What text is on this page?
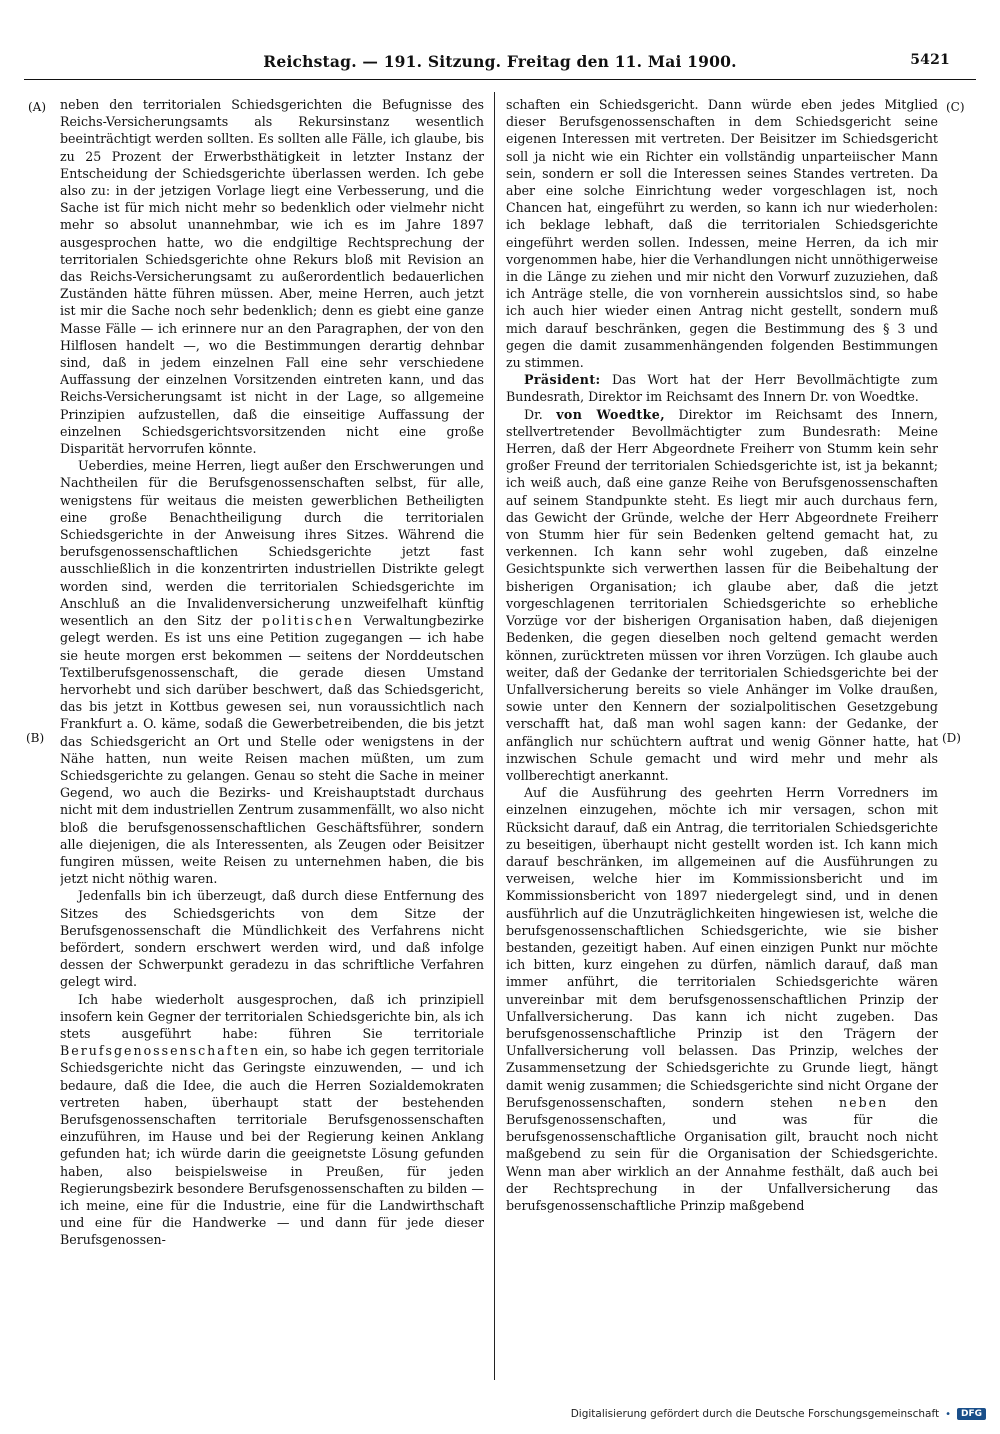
Reichstag. — 191. Sitzung. Freitag den 11. Mai 1900.	5421
(A)
(B)
(C)
(D)

neben den territorialen Schiedsgerichten die Befugnisse des Reichs-Versicherungsamts als Rekursinstanz wesentlich beeinträchtigt werden sollten. Es sollten alle Fälle, ich glaube, bis zu 25 Prozent der Erwerbsthätigkeit in letzter Instanz der Entscheidung der Schiedsgerichte überlassen werden. Ich gebe also zu: in der jetzigen Vorlage liegt eine Verbesserung, und die Sache ist für mich nicht mehr so bedenklich oder vielmehr nicht mehr so absolut unannehmbar, wie ich es im Jahre 1897 ausgesprochen hatte, wo die endgiltige Rechtsprechung der territorialen Schiedsgerichte ohne Rekurs bloß mit Revision an das Reichs-Versicherungsamt zu außerordentlich bedauerlichen Zuständen hätte führen müssen. Aber, meine Herren, auch jetzt ist mir die Sache noch sehr bedenklich; denn es giebt eine ganze Masse Fälle — ich erinnere nur an den Paragraphen, der von den Hilflosen handelt —, wo die Bestimmungen derartig dehnbar sind, daß in jedem einzelnen Fall eine sehr verschiedene Auffassung der einzelnen Vorsitzenden eintreten kann, und das Reichs-Versicherungsamt ist nicht in der Lage, so allgemeine Prinzipien aufzustellen, daß die einseitige Auffassung der einzelnen Schiedsgerichtsvorsitzenden nicht eine große Disparität hervorrufen könnte.

Ueberdies, meine Herren, liegt außer den Erschwerungen und Nachtheilen für die Berufsgenossenschaften selbst, für alle, wenigstens für weitaus die meisten gewerblichen Betheiligten eine große Benachtheiligung durch die territorialen Schiedsgerichte in der Anweisung ihres Sitzes. Während die berufsgenossenschaftlichen Schiedsgerichte jetzt fast ausschließlich in die konzentrirten industriellen Distrikte gelegt worden sind, werden die territorialen Schiedsgerichte im Anschluß an die Invalidenversicherung unzweifelhaft künftig wesentlich an den Sitz der politischen Verwaltungbezirke gelegt werden. Es ist uns eine Petition zugegangen — ich habe sie heute morgen erst bekommen — seitens der Norddeutschen Textilberufsgenossenschaft, die gerade diesen Umstand hervorhebt und sich darüber beschwert, daß das Schiedsgericht, das bis jetzt in Kottbus gewesen sei, nun voraussichtlich nach Frankfurt a. O. käme, sodaß die Gewerbetreibenden, die bis jetzt das Schiedsgericht an Ort und Stelle oder wenigstens in der Nähe hatten, nun weite Reisen machen müßten, um zum Schiedsgerichte zu gelangen. Genau so steht die Sache in meiner Gegend, wo auch die Bezirks- und Kreishauptstadt durchaus nicht mit dem industriellen Zentrum zusammenfällt, wo also nicht bloß die berufsgenossenschaftlichen Geschäftsführer, sondern alle diejenigen, die als Interessenten, als Zeugen oder Beisitzer fungiren müssen, weite Reisen zu unternehmen haben, die bis jetzt nicht nöthig waren.

Jedenfalls bin ich überzeugt, daß durch diese Entfernung des Sitzes des Schiedsgerichts von dem Sitze der Berufsgenossenschaft die Mündlichkeit des Verfahrens nicht befördert, sondern erschwert werden wird, und daß infolge dessen der Schwerpunkt geradezu in das schriftliche Verfahren gelegt wird.

Ich habe wiederholt ausgesprochen, daß ich prinzipiell insofern kein Gegner der territorialen Schiedsgerichte bin, als ich stets ausgeführt habe: führen Sie territoriale Berufsgenossenschaften ein, so habe ich gegen territoriale Schiedsgerichte nicht das Geringste einzuwenden, — und ich bedaure, daß die Idee, die auch die Herren Sozialdemokraten vertreten haben, überhaupt statt der bestehenden Berufsgenossenschaften territoriale Berufsgenossenschaften einzuführen, im Hause und bei der Regierung keinen Anklang gefunden hat; ich würde darin die geeignetste Lösung gefunden haben, also beispielsweise in Preußen, für jeden Regierungsbezirk besondere Berufsgenossenschaften zu bilden — ich meine, eine für die Industrie, eine für die Landwirthschaft und eine für die Handwerke — und dann für jede dieser Berufsgenossen-

schaften ein Schiedsgericht. Dann würde eben jedes Mitglied dieser Berufsgenossenschaften in dem Schiedsgericht seine eigenen Interessen mit vertreten. Der Beisitzer im Schiedsgericht soll ja nicht wie ein Richter ein vollständig unparteiischer Mann sein, sondern er soll die Interessen seines Standes vertreten. Da aber eine solche Einrichtung weder vorgeschlagen ist, noch Chancen hat, eingeführt zu werden, so kann ich nur wiederholen: ich beklage lebhaft, daß die territorialen Schiedsgerichte eingeführt werden sollen. Indessen, meine Herren, da ich mir vorgenommen habe, hier die Verhandlungen nicht unnöthigerweise in die Länge zu ziehen und mir nicht den Vorwurf zuzuziehen, daß ich Anträge stelle, die von vornherein aussichtslos sind, so habe ich auch hier wieder einen Antrag nicht gestellt, sondern muß mich darauf beschränken, gegen die Bestimmung des § 3 und gegen die damit zusammenhängenden folgenden Bestimmungen zu stimmen.

Präsident: Das Wort hat der Herr Bevollmächtigte zum Bundesrath, Direktor im Reichsamt des Innern Dr. von Woedtke.

Dr. von Woedtke, Direktor im Reichsamt des Innern, stellvertretender Bevollmächtigter zum Bundesrath: Meine Herren, daß der Herr Abgeordnete Freiherr von Stumm kein sehr großer Freund der territorialen Schiedsgerichte ist, ist ja bekannt; ich weiß auch, daß eine ganze Reihe von Berufsgenossenschaften auf seinem Standpunkte steht. Es liegt mir auch durchaus fern, das Gewicht der Gründe, welche der Herr Abgeordnete Freiherr von Stumm hier für sein Bedenken geltend gemacht hat, zu verkennen. Ich kann sehr wohl zugeben, daß einzelne Gesichtspunkte sich verwerthen lassen für die Beibehaltung der bisherigen Organisation; ich glaube aber, daß die jetzt vorgeschlagenen territorialen Schiedsgerichte so erhebliche Vorzüge vor der bisherigen Organisation haben, daß diejenigen Bedenken, die gegen dieselben noch geltend gemacht werden können, zurücktreten müssen vor ihren Vorzügen. Ich glaube auch weiter, daß der Gedanke der territorialen Schiedsgerichte bei der Unfallversicherung bereits so viele Anhänger im Volke draußen, sowie unter den Kennern der sozialpolitischen Gesetzgebung verschafft hat, daß man wohl sagen kann: der Gedanke, der anfänglich nur schüchtern auftrat und wenig Gönner hatte, hat inzwischen Schule gemacht und wird mehr und mehr als vollberechtigt anerkannt.

Auf die Ausführung des geehrten Herrn Vorredners im einzelnen einzugehen, möchte ich mir versagen, schon mit Rücksicht darauf, daß ein Antrag, die territorialen Schiedsgerichte zu beseitigen, überhaupt nicht gestellt worden ist. Ich kann mich darauf beschränken, im allgemeinen auf die Ausführungen zu verweisen, welche hier im Kommissionsbericht und im Kommissionsbericht von 1897 niedergelegt sind, und in denen ausführlich auf die Unzuträglichkeiten hingewiesen ist, welche die berufsgenossenschaftlichen Schiedsgerichte, wie sie bisher bestanden, gezeitigt haben. Auf einen einzigen Punkt nur möchte ich bitten, kurz eingehen zu dürfen, nämlich darauf, daß man immer anführt, die territorialen Schiedsgerichte wären unvereinbar mit dem berufsgenossenschaftlichen Prinzip der Unfallversicherung. Das kann ich nicht zugeben. Das berufsgenossenschaftliche Prinzip ist den Trägern der Unfallversicherung voll belassen. Das Prinzip, welches der Zusammensetzung der Schiedsgerichte zu Grunde liegt, hängt damit wenig zusammen; die Schiedsgerichte sind nicht Organe der Berufsgenossenschaften, sondern stehen neben den Berufsgenossenschaften, und was für die berufsgenossenschaftliche Organisation gilt, braucht noch nicht maßgebend zu sein für die Organisation der Schiedsgerichte. Wenn man aber wirklich an der Annahme festhält, daß auch bei der Rechtsprechung in der Unfallversicherung das berufsgenossenschaftliche Prinzip maßgebend

Digitalisierung gefördert durch die Deutsche Forschungsgemeinschaft •	DFG
